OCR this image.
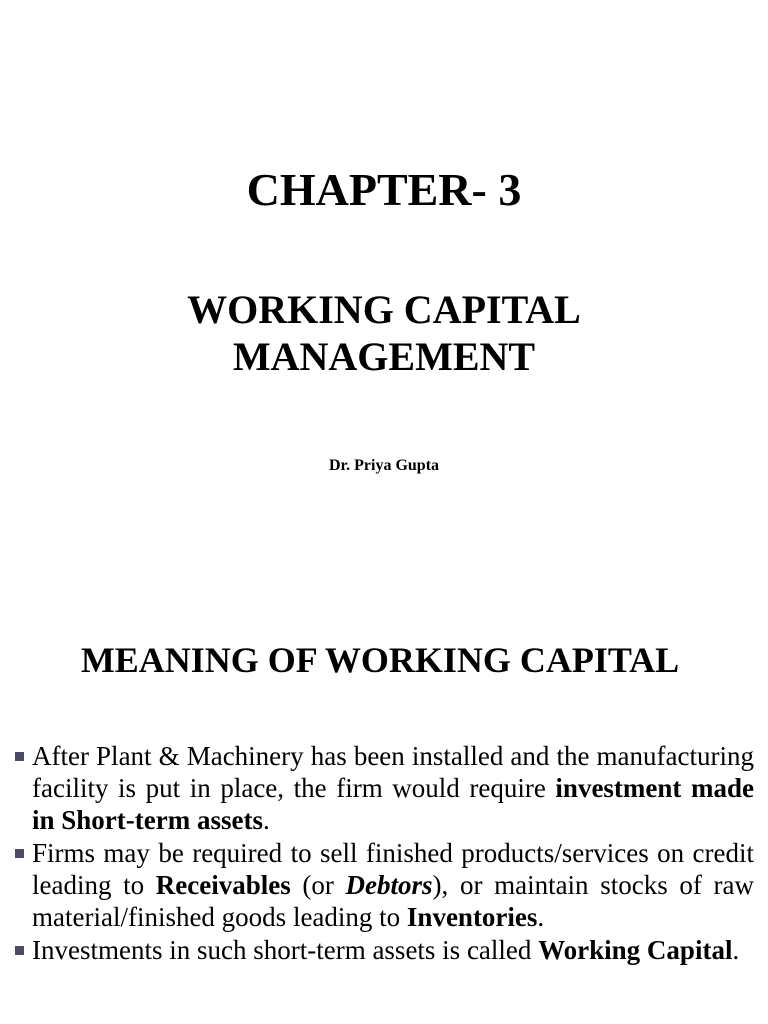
CHAPTER- 3
WORKING CAPITAL
MANAGEMENT

Dr. Priya Gupta

MEANING OF WORKING CAPITAL
After Plant & Machinery has been installed and the manufacturing facility is put in place, the firm would require investment made in Short-term assets.
Firms may be required to sell finished products/services on credit leading to Receivables (or Debtors), or maintain stocks of raw material/finished goods leading to Inventories.
Investments in such short-term assets is called Working Capital.
